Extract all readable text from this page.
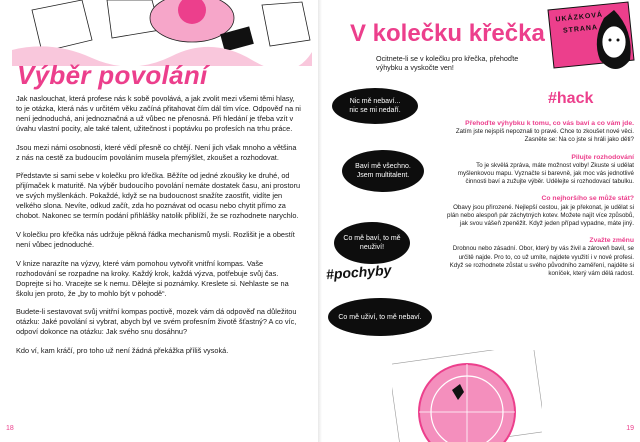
Výběr povolání

Jak naslouchat, která profese nás k sobě povolává, a jak zvolit mezi všemi těmi hlasy, to je otázka, která nás v určitém věku začíná přitahovat čím dál tím více. Odpověď na ni není jednoduchá, ani jednoznačná a už vůbec ne přenosná. Při hledání je třeba vzít v úvahu vlastní pocity, ale také talent, užitečnost i poptávku po profesích na trhu práce.

Jsou mezi námi osobnosti, které vědí přesně co chtějí. Není jich však mnoho a většina z nás na cestě za budoucím povoláním musela přemýšlet, zkoušet a rozhodovat.

Představte si sami sebe v kolečku pro křečka. Běžíte od jedné zkoušky ke druhé, od přijímaček k maturitě. Na výběr budoucího povolání nemáte dostatek času, ani prostoru ve svých myšlenkách. Pokaždé, když se na budoucnost snažíte zaostřit, vidíte jen velkého slona. Nevíte, odkud začít, zda ho poznávat od ocasu nebo chytit přímo za chobot. Nakonec se termín podání přihlášky natolik přiblíží, že se rozhodnete narychlo.

V kolečku pro křečka nás udržuje pěkná řádka mechanismů mysli. Rozlišit je a obestít není vůbec jednoduché.

V knize narazíte na výzvy, které vám pomohou vytvořit vnitřní kompas. Vaše rozhodování se rozpadne na kroky. Každý krok, každá výzva, potřebuje svůj čas. Doprejte si ho. Vracejte se k nemu. Dělejte si poznámky. Kreslete si. Nehlaste se na školu jen proto, že „by to mohlo být v pohodě“.

Budete-li sestavovat svůj vnitřní kompas poctivě, mozek vám dá odpověď na důležitou otázku: Jaké povolání si vybrat, abych byl ve svém profesním životě šťastný? A co víc, odpoví dokonce na otázku: Jak svého snu dosáhnu?

Kdo ví, kam kráčí, pro toho už není žádná překážka příliš vysoká.

18
V kolečku křečka
Ocitnete-li se v kolečku pro křečka, přehoďte výhybku a vyskočte ven!
UKÁZKOVÁ
STRANA
Nic mě nebaví...
nic se mi nedaří.
Baví mě všechno.
Jsem multitalent.
Co mě baví, to mě
neuživí!
Co mě uživí, to mě nebaví.
#hack
#pochyby
Přehoďte výhybku k tomu, co vás baví a co vám jde.
Zatím jste nejspíš nepoznali to pravé. Chce to zkoušet nové věci. Zasněte se: Na co jste si hráli jako děti?
Pilujte rozhodování
To je skvělá zpráva, máte možnost volby! Zkuste si udělat myšlenkovou mapu. Vyznačte si barevně, jak moc vás jednotlivé činnosti baví a zužujte výběr. Udělejte si rozhodovací tabulku.
Co nejhoršího se může stát?
Obavy jsou přirozené. Nejlepší cestou, jak je překonat, je udělat si plán nebo alespoň pár záchytných kotev. Možete najít více způsobů, jak svou vášeň zpeněžit. Když jeden případ vypadne, máte jiný.
Zvažte změnu
Drobnou nebo zásadní. Obor, který by vás živil a zároveň bavil, se určitě najde. Pro to, co už umíte, najdete využití i v nové profesi. Když se rozhodnete zůstat u svého původního zaměření, najděte si koníček, který vám dělá radost.
19
